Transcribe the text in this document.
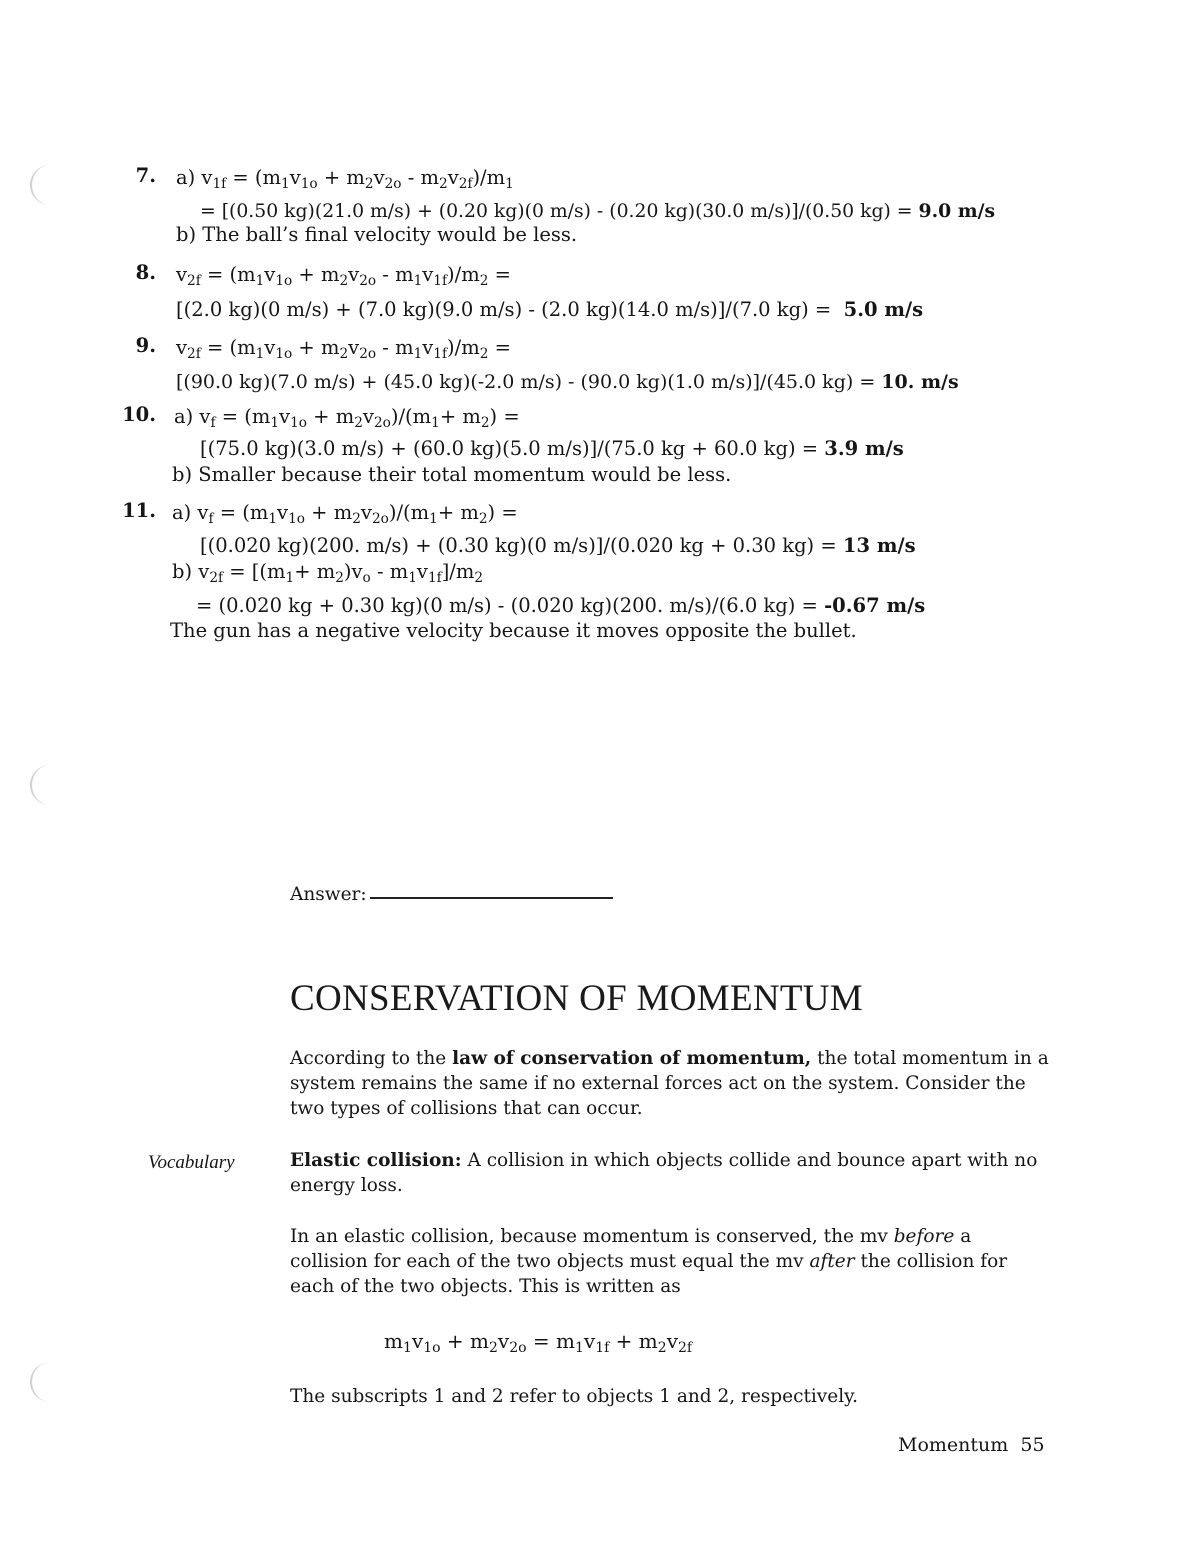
7. a) $v_{1f} = (m_1v_{1o} + m_2v_{2o} - m_2v_{2f})/m_1$
= [(0.50 kg)(21.0 m/s) + (0.20 kg)(0 m/s) - (0.20 kg)(30.0 m/s)]/(0.50 kg) = 9.0 m/s
b) The ball’s final velocity would be less.
8. $v_{2f} = (m_1v_{1o} + m_2v_{2o} - m_1v_{1f})/m_2$ =
[(2.0 kg)(0 m/s) + (7.0 kg)(9.0 m/s) - (2.0 kg)(14.0 m/s)]/(7.0 kg) = 5.0 m/s
9. $v_{2f} = (m_1v_{1o} + m_2v_{2o} - m_1v_{1f})/m_2$ =
[(90.0 kg)(7.0 m/s) + (45.0 kg)(-2.0 m/s) - (90.0 kg)(1.0 m/s)]/(45.0 kg) = 10. m/s
10. a) $v_f = (m_1v_{1o} + m_2v_{2o})/(m_1+ m_2)$ =
[(75.0 kg)(3.0 m/s) + (60.0 kg)(5.0 m/s)]/(75.0 kg + 60.0 kg) = 3.9 m/s
b) Smaller because their total momentum would be less.
11. a) $v_f = (m_1v_{1o} + m_2v_{2o})/(m_1+ m_2)$ =
[(0.020 kg)(200. m/s) + (0.30 kg)(0 m/s)]/(0.020 kg + 0.30 kg) = 13 m/s
b) $v_{2f} = [(m_1+ m_2)v_o - m_1v_{1f}]/m_2$
= (0.020 kg + 0.30 kg)(0 m/s) - (0.020 kg)(200. m/s)/(6.0 kg) = -0.67 m/s
The gun has a negative velocity because it moves opposite the bullet.
Answer:
CONSERVATION OF MOMENTUM
According to the law of conservation of momentum, the total momentum in a system remains the same if no external forces act on the system. Consider the two types of collisions that can occur.
Vocabulary	Elastic collision: A collision in which objects collide and bounce apart with no energy loss.
In an elastic collision, because momentum is conserved, the mv before a collision for each of the two objects must equal the mv after the collision for each of the two objects. This is written as
$m_1v_{1o} + m_2v_{2o} = m_1v_{1f} + m_2v_{2f}$
The subscripts 1 and 2 refer to objects 1 and 2, respectively.
Momentum 55
